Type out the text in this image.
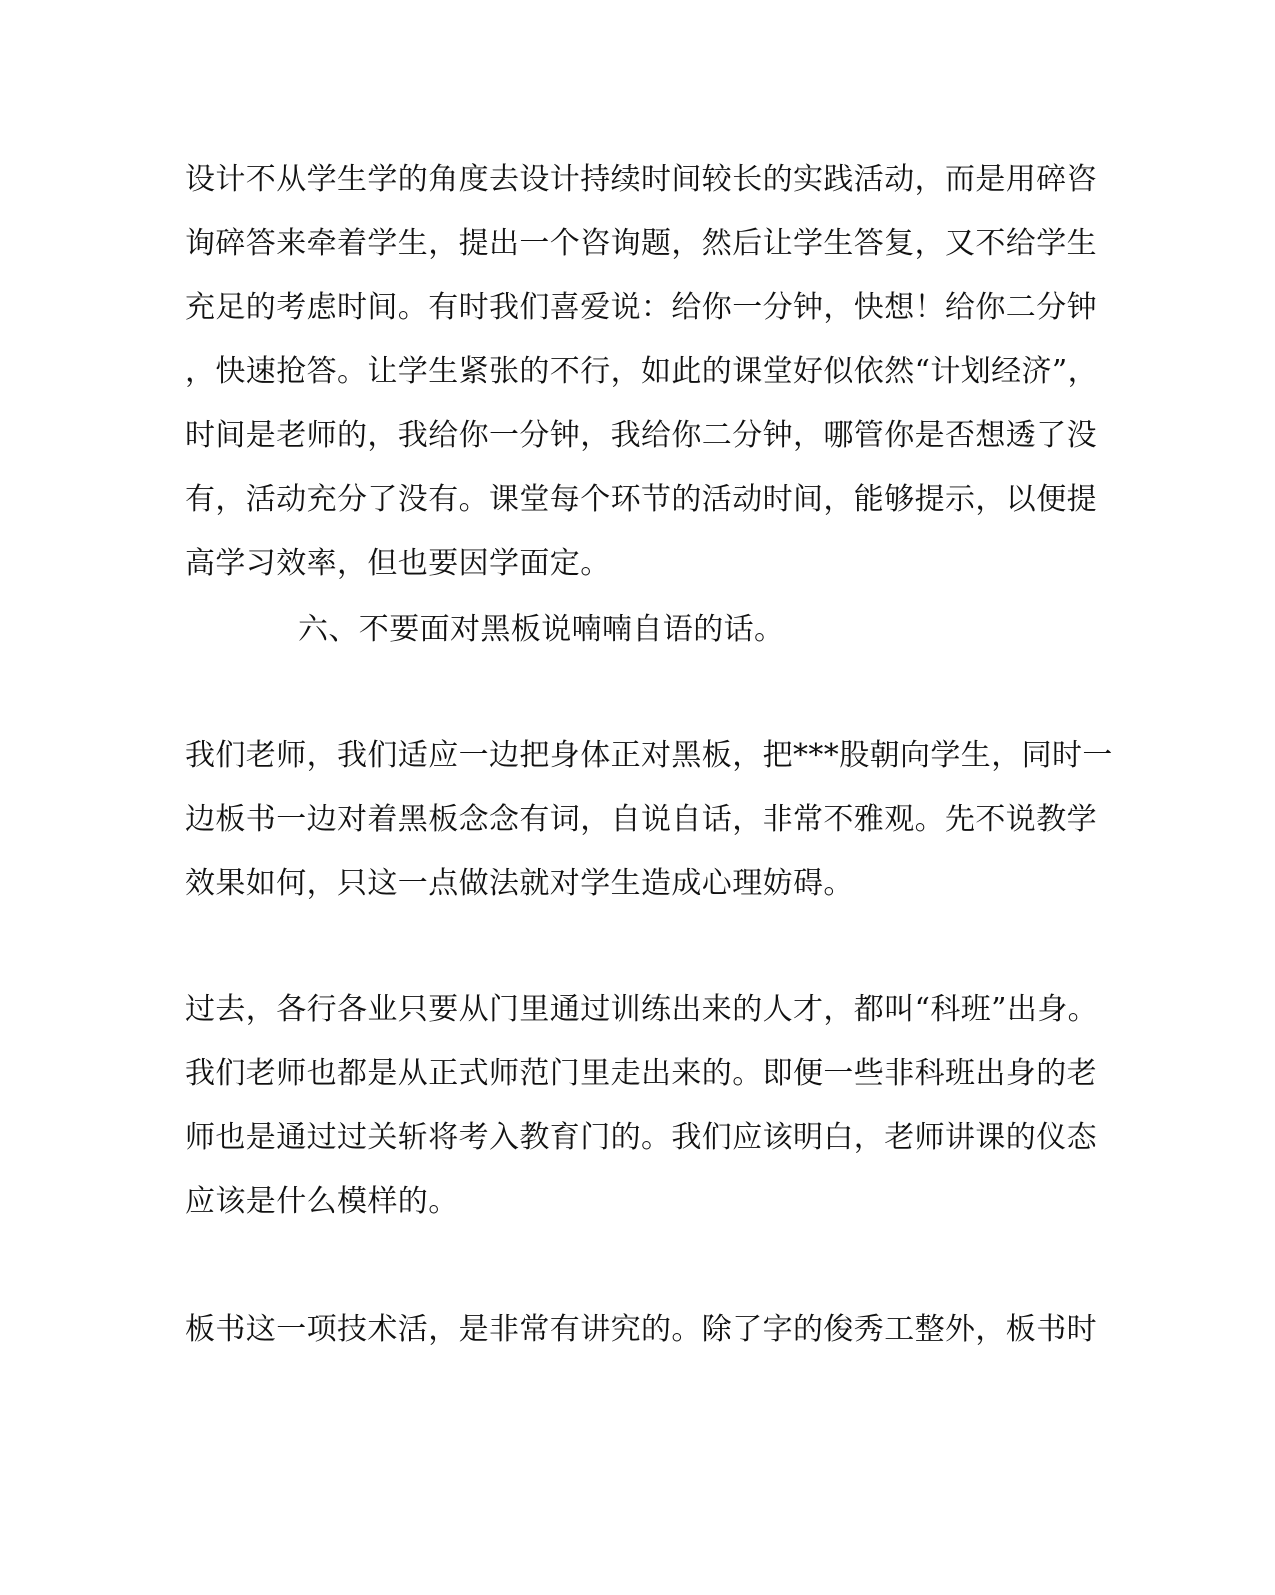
设计不从学生学的角度去设计持续时间较长的实践活动，而是用碎咨
询碎答来牵着学生，提出一个咨询题，然后让学生答复，又不给学生
充足的考虑时间。有时我们喜爱说：给你一分钟，快想！给你二分钟
，快速抢答。让学生紧张的不行，如此的课堂好似依然“计划经济”，
时间是老师的，我给你一分钟，我给你二分钟，哪管你是否想透了没
有，活动充分了没有。课堂每个环节的活动时间，能够提示，以便提
高学习效率，但也要因学面定。
六、不要面对黑板说喃喃自语的话。
我们老师，我们适应一边把身体正对黑板，把***股朝向学生，同时一
边板书一边对着黑板念念有词，自说自话，非常不雅观。先不说教学
效果如何，只这一点做法就对学生造成心理妨碍。
过去，各行各业只要从门里通过训练出来的人才，都叫“科班”出身。
我们老师也都是从正式师范门里走出来的。即便一些非科班出身的老
师也是通过过关斩将考入教育门的。我们应该明白，老师讲课的仪态
应该是什么模样的。
板书这一项技术活，是非常有讲究的。除了字的俊秀工整外，板书时
